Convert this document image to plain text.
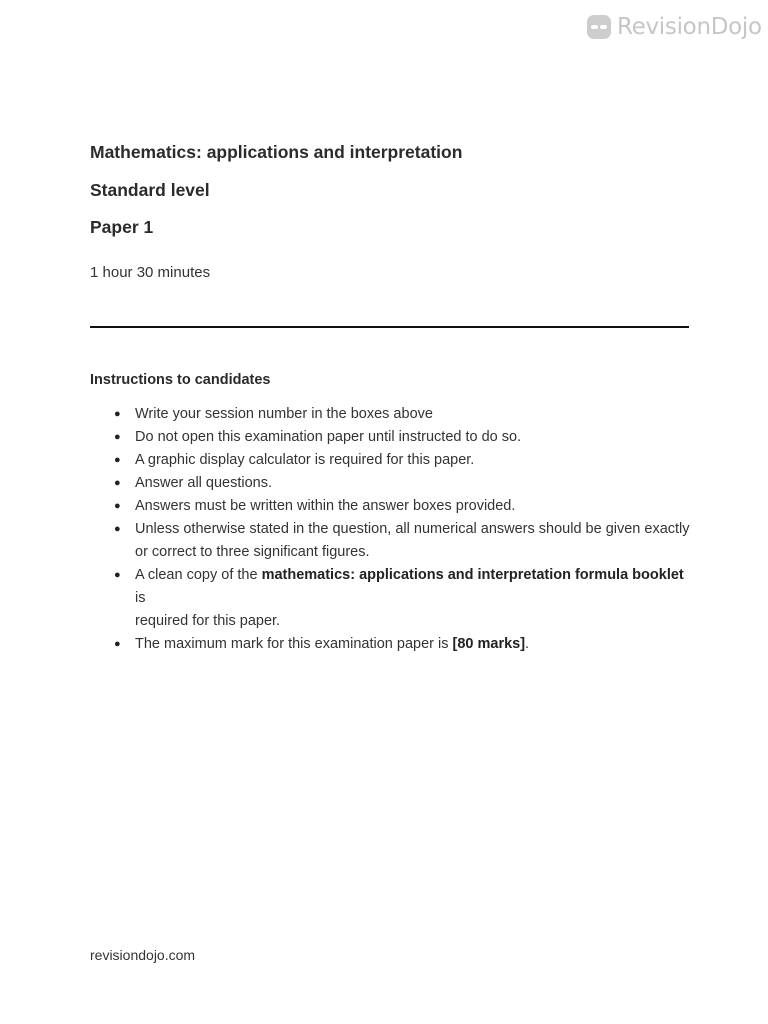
RevisionDojo
Mathematics: applications and interpretation
Standard level
Paper 1
1 hour 30 minutes
Instructions to candidates
● Write your session number in the boxes above
● Do not open this examination paper until instructed to do so.
● A graphic display calculator is required for this paper.
● Answer all questions.
● Answers must be written within the answer boxes provided.
● Unless otherwise stated in the question, all numerical answers should be given exactly or correct to three significant figures.
● A clean copy of the mathematics: applications and interpretation formula booklet is
required for this paper.
● The maximum mark for this examination paper is [80 marks].
revisiondojo.com
